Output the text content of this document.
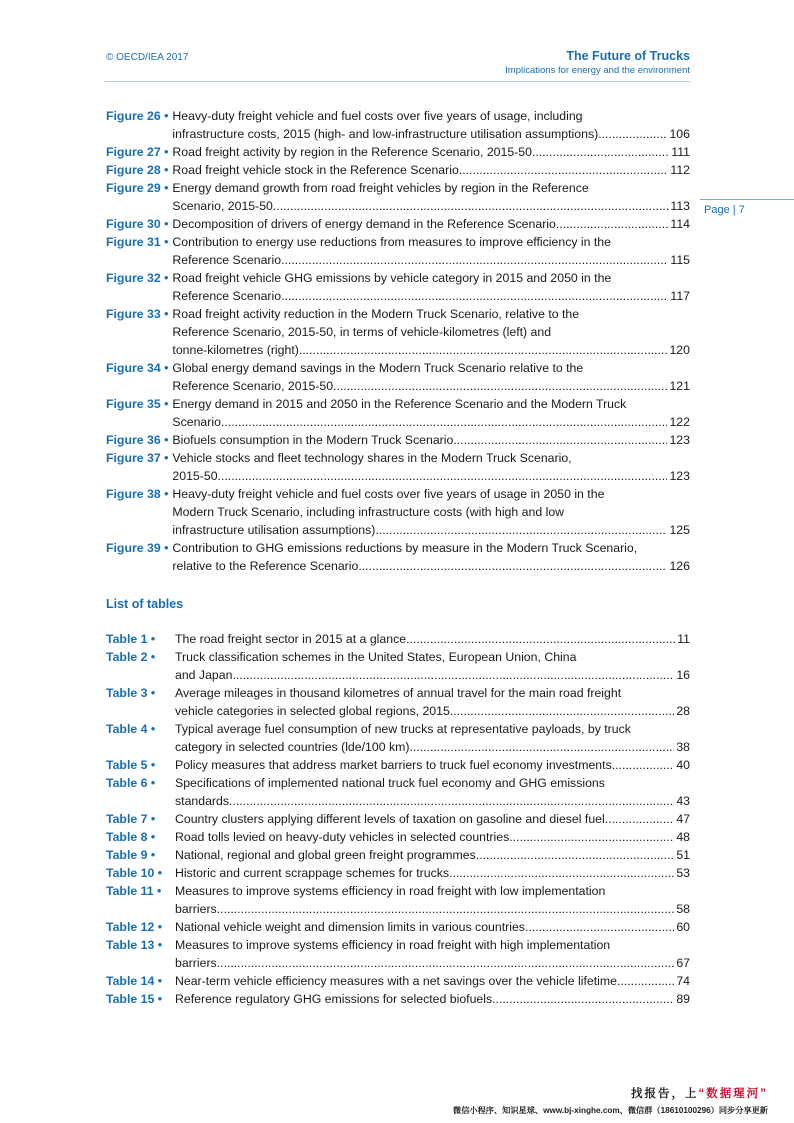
© OECD/IEA 2017	The Future of Trucks
Implications for energy and the environment
Page | 7
Figure 26 • Heavy-duty freight vehicle and fuel costs over five years of usage, including
infrastructure costs, 2015 (high- and low-infrastructure utilisation assumptions) .....	106
Figure 27 • Road freight activity by region in the Reference Scenario, 2015-50. .....	111
Figure 28 • Road freight vehicle stock in the Reference Scenario .....	112
Figure 29 • Energy demand growth from road freight vehicles by region in the Reference
Scenario, 2015-50 .....	113
Figure 30 • Decomposition of drivers of energy demand in the Reference Scenario .....	114
Figure 31 • Contribution to energy use reductions from measures to improve efficiency in the
Reference Scenario .....	115
Figure 32 • Road freight vehicle GHG emissions by vehicle category in 2015 and 2050 in the
Reference Scenario .....	117
Figure 33 • Road freight activity reduction in the Modern Truck Scenario, relative to the
Reference Scenario, 2015-50, in terms of vehicle-kilometres (left) and
tonne-kilometres (right) .....	120
Figure 34 • Global energy demand savings in the Modern Truck Scenario relative to the
Reference Scenario, 2015-50 .....	121
Figure 35 • Energy demand in 2015 and 2050 in the Reference Scenario and the Modern Truck
Scenario .....	122
Figure 36 • Biofuels consumption in the Modern Truck Scenario .....	123
Figure 37 • Vehicle stocks and fleet technology shares in the Modern Truck Scenario,
2015-50 .....	123
Figure 38 • Heavy-duty freight vehicle and fuel costs over five years of usage in 2050 in the
Modern Truck Scenario, including infrastructure costs (with high and low
infrastructure utilisation assumptions) .....	125
Figure 39 • Contribution to GHG emissions reductions by measure in the Modern Truck Scenario,
relative to the Reference Scenario .....	126
List of tables
Table 1 •	The road freight sector in 2015 at a glance .....	11
Table 2 •	Truck classification schemes in the United States, European Union, China
and Japan .....	16
Table 3 •	Average mileages in thousand kilometres of annual travel for the main road freight
vehicle categories in selected global regions, 2015 .....	28
Table 4 •	Typical average fuel consumption of new trucks at representative payloads, by truck
category in selected countries (lde/100 km) .....	38
Table 5 •	Policy measures that address market barriers to truck fuel economy investments .....	40
Table 6 •	Specifications of implemented national truck fuel economy and GHG emissions
standards .....	43
Table 7 •	Country clusters applying different levels of taxation on gasoline and diesel fuel .....	47
Table 8 •	Road tolls levied on heavy-duty vehicles in selected countries .....	48
Table 9 •	National, regional and global green freight programmes .....	51
Table 10 •	Historic and current scrappage schemes for trucks .....	53
Table 11 •	Measures to improve systems efficiency in road freight with low implementation
barriers .....	58
Table 12 •	National vehicle weight and dimension limits in various countries .....	60
Table 13 •	Measures to improve systems efficiency in road freight with high implementation
barriers .....	67
Table 14 •	Near-term vehicle efficiency measures with a net savings over the vehicle lifetime .....	74
Table 15 •	Reference regulatory GHG emissions for selected biofuels .....	89
找报告，上“数据瑆河”
微信小程序、知识星球、www.bj-xinghe.com、微信群（18610100296）同步分享更新
